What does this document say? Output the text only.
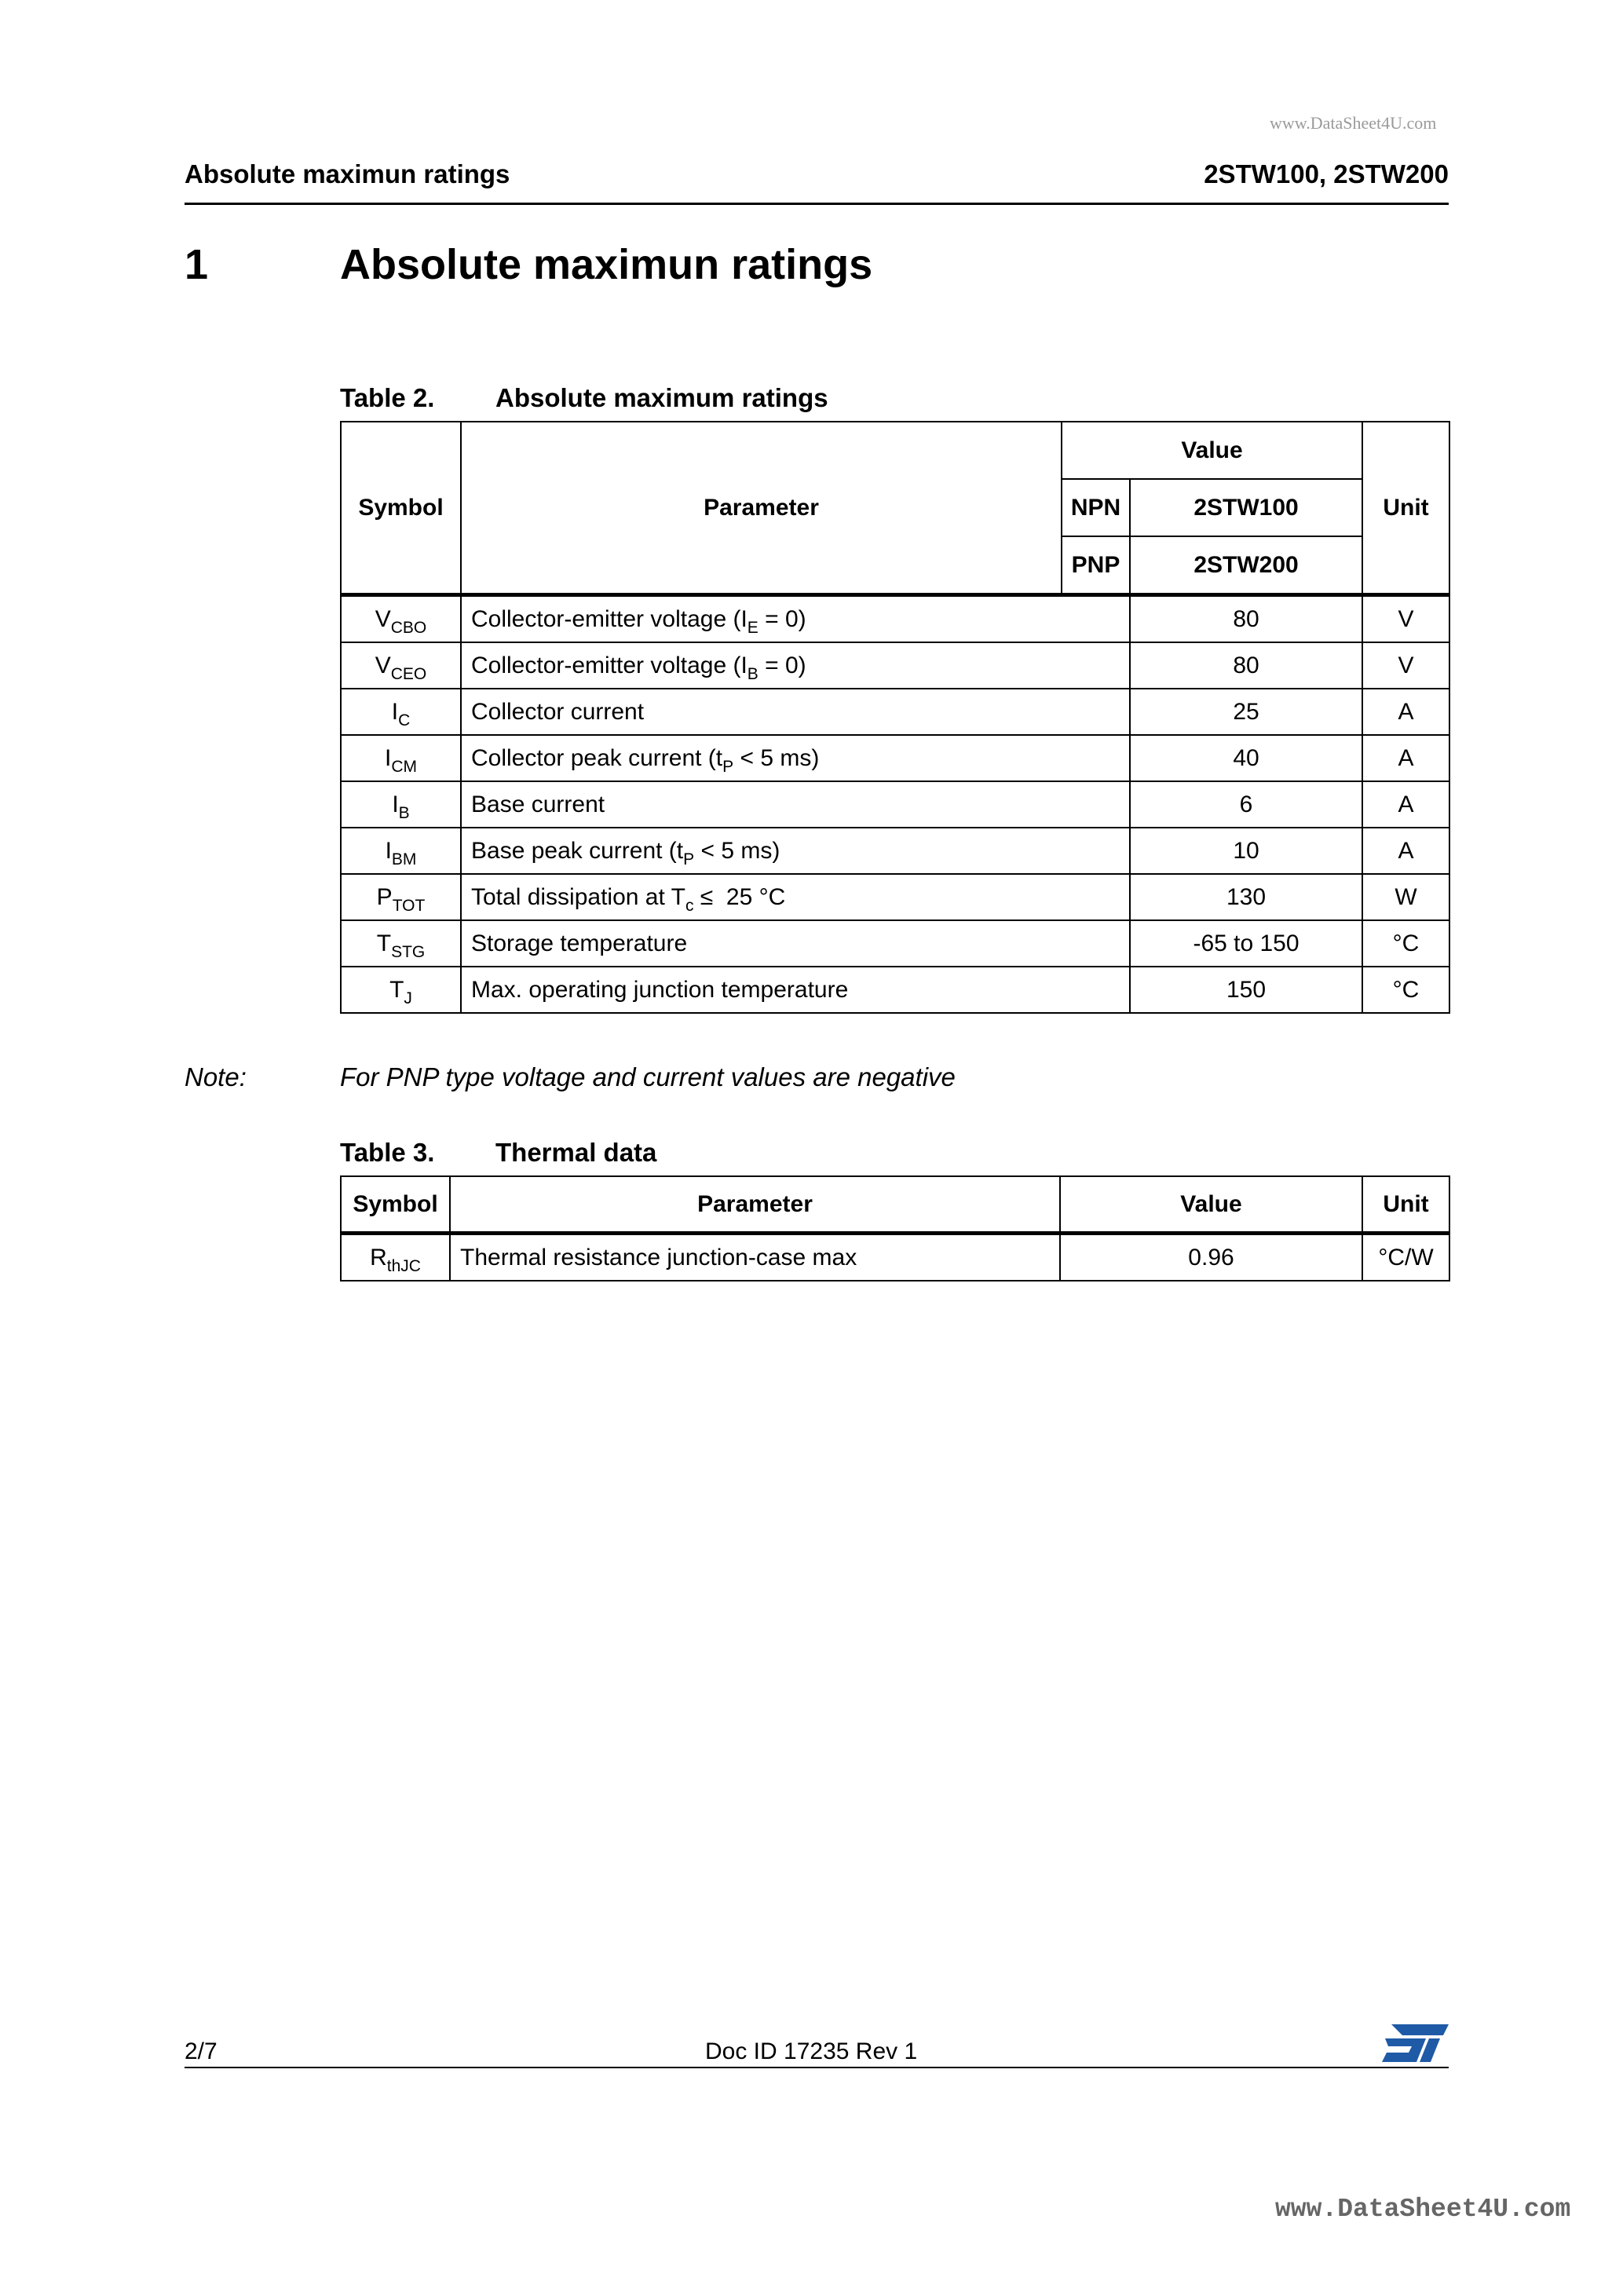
www.DataSheet4U.com
Absolute maximun ratings	2STW100, 2STW200
1	Absolute maximun ratings
Table 2. Absolute maximum ratings
Symbol	Parameter	Value		Unit
		NPN	2STW100	
		PNP	2STW200	
$V_{CBO}$	Collector-emitter voltage $(I_E = 0)$		80	V
$V_{CEO}$	Collector-emitter voltage $(I_B = 0)$		80	V
$I_C$	Collector current		25	A
$I_{CM}$	Collector peak current ($t_P < 5$ ms)		40	A
$I_B$	Base current		6	A
$I_{BM}$	Base peak current ($t_P < 5$ ms)		10	A
$P_{TOT}$	Total dissipation at $T_c \le 25$ °C		130	W
$T_{STG}$	Storage temperature		-65 to 150	°C
$T_J$	Max. operating junction temperature		150	°C
Note:	For PNP type voltage and current values are negative
Table 3. Thermal data
Symbol	Parameter	Value	Unit
$R_{thJC}$	Thermal resistance junction-case max	0.96	°C/W
2/7	Doc ID 17235 Rev 1
www.DataSheet4U.com
